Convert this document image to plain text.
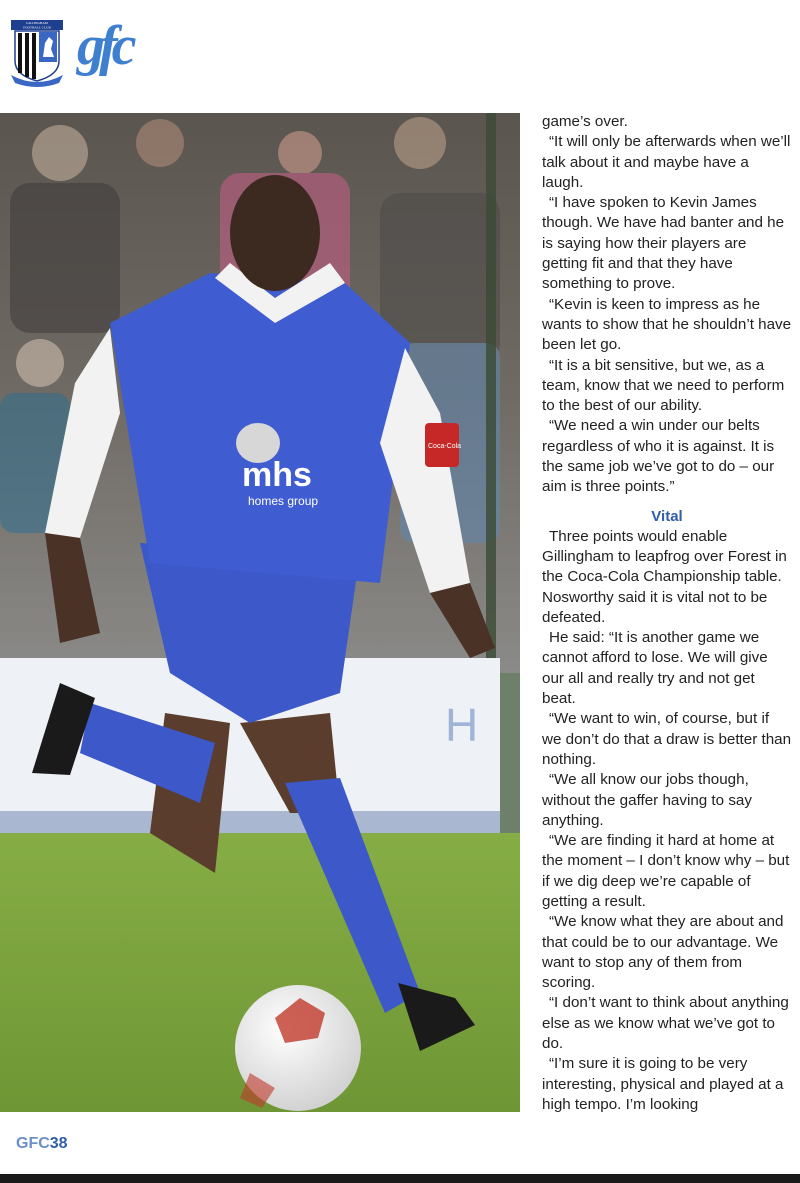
GILLINGHAM
FOOTBALL CLUB gfc
H
mhs
homes group
Coca-Cola

game’s over.

“It will only be afterwards when we’ll talk about it and maybe have a laugh.

“I have spoken to Kevin James though. We have had banter and he is saying how their players are getting fit and that they have something to prove.

“Kevin is keen to impress as he wants to show that he shouldn’t have been let go.

“It is a bit sensitive, but we, as a team, know that we need to perform to the best of our ability.

“We need a win under our belts regardless of who it is against. It is the same job we’ve got to do – our aim is three points.”

Vital

Three points would enable Gillingham to leapfrog over Forest in the Coca-Cola Championship table. Nosworthy said it is vital not to be defeated.

He said: “It is another game we cannot afford to lose. We will give our all and really try and not get beat.

“We want to win, of course, but if we don’t do that a draw is better than nothing.

“We all know our jobs though, without the gaffer having to say anything.

“We are finding it hard at home at the moment – I don’t know why – but if we dig deep we’re capable of getting a result.

“We know what they are about and that could be to our advantage. We want to stop any of them from scoring.

“I don’t want to think about anything else as we know what we’ve got to do.

“I’m sure it is going to be very interesting, physical and played at a high tempo. I’m looking

GFC38
